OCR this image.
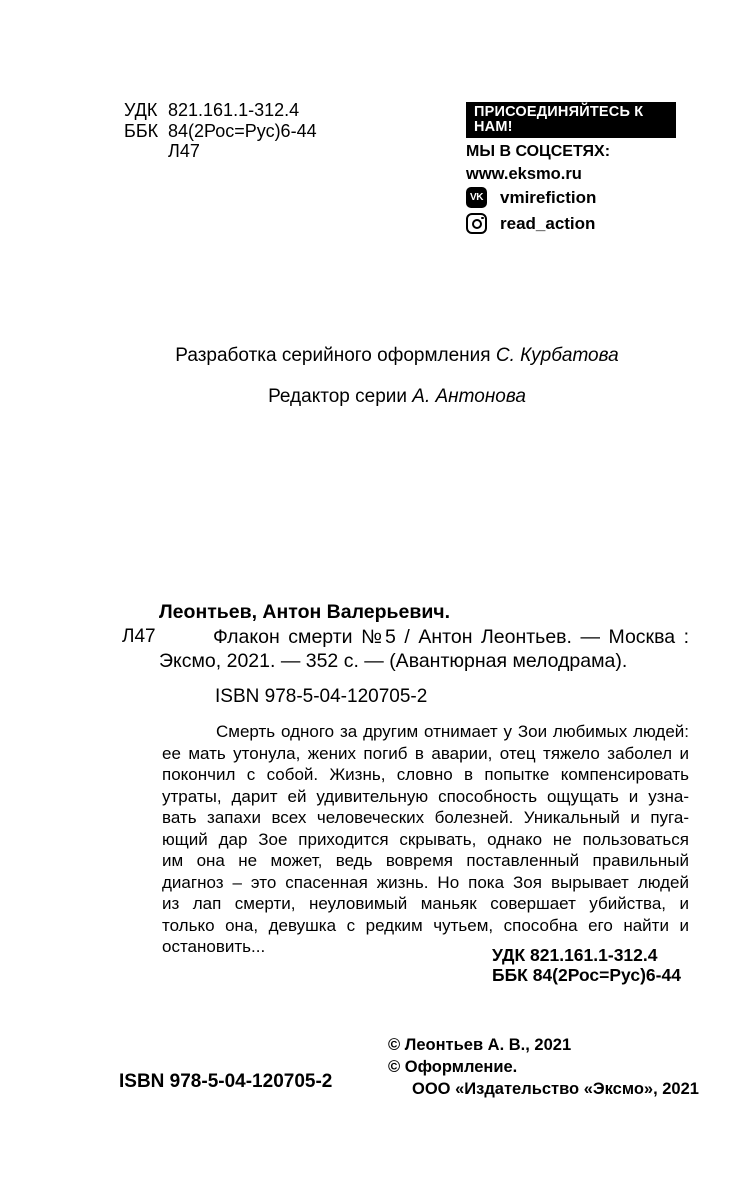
УДК 821.161.1-312.4
ББК 84(2Рос=Рус)6-44
Л47
ПРИСОЕДИНЯЙТЕСЬ К НАМ!
МЫ В СОЦСЕТЯХ:
www.eksmo.ru
VK vmirefiction
read_action
Разработка серийного оформления С. Курбатова
Редактор серии А. Антонова
Л47
Леонтьев, Антон Валерьевич.
Флакон смерти №5 / Антон Леонтьев. — Москва :
Эксмо, 2021. — 352 с. — (Авантюрная мелодрама).
ISBN 978-5-04-120705-2
Смерть одного за другим отнимает у Зои любимых людей:
ее мать утонула, жених погиб в аварии, отец тяжело заболел и
покончил с собой. Жизнь, словно в попытке компенсировать
утраты, дарит ей удивительную способность ощущать и узна-
вать запахи всех человеческих болезней. Уникальный и пуга-
ющий дар Зое приходится скрывать, однако не пользоваться
им она не может, ведь вовремя поставленный правильный
диагноз – это спасенная жизнь. Но пока Зоя вырывает людей
из лап смерти, неуловимый маньяк совершает убийства, и
только она, девушка с редким чутьем, способна его найти и
остановить...	УДК 821.161.1-312.4
ББК 84(2Рос=Рус)6-44
© Леонтьев А. В., 2021
© Оформление.
ООО «Издательство «Эксмо», 2021
ISBN 978-5-04-120705-2
